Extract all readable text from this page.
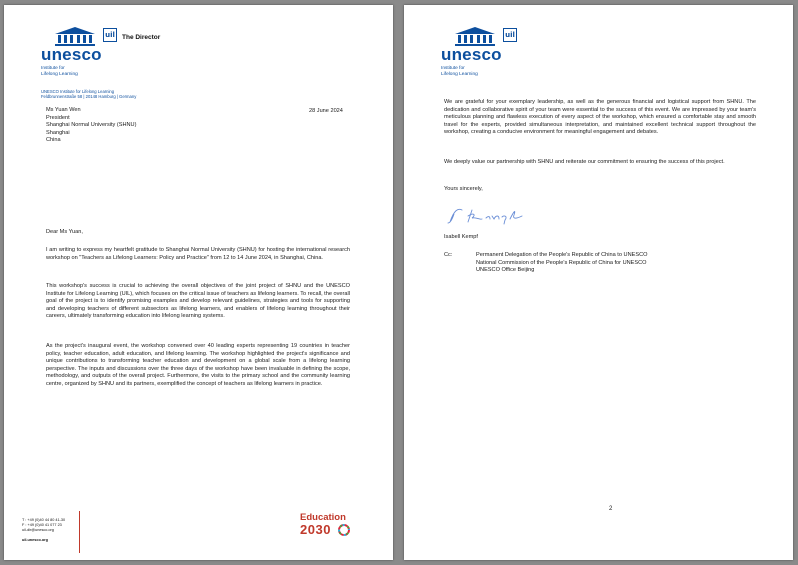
uil
unesco
Institute for
Lifelong Learning
The Director
UNESCO Institute for Lifelong Learning
Feldbrunnenstraße 58 | 20148 Hamburg | Germany
Ms Yuan Wen
President
Shanghai Normal University (SHNU)
Shanghai
China
28 June 2024
Dear Ms Yuan,
I am writing to express my heartfelt gratitude to Shanghai Normal University (SHNU) for hosting the international research workshop on "Teachers as Lifelong Learners: Policy and Practice" from 12 to 14 June 2024, in Shanghai, China.
This workshop's success is crucial to achieving the overall objectives of the joint project of SHNU and the UNESCO Institute for Lifelong Learning (UIL), which focuses on the critical issue of teachers as lifelong learners. To recall, the overall goal of the project is to identify promising examples and develop relevant guidelines, strategies and tools for supporting and developing teachers of different subsectors as lifelong learners, and enablers of lifelong learning throughout their careers, ultimately transforming education into lifelong learning systems.
As the project's inaugural event, the workshop convened over 40 leading experts representing 19 countries in teacher policy, teacher education, adult education, and lifelong learning. The workshop highlighted the project's significance and unique contributions to transforming teacher education and development on a global scale from a lifelong learning perspective. The inputs and discussions over the three days of the workshop have been invaluable in defining the scope, methodology, and outputs of the overall project. Furthermore, the visits to the primary school and the community learning centre, organized by SHNU and its partners, exemplified the concept of teachers as lifelong learners in practice.
T : +49 (0)40 44 80 41-30
F : +49 (0)40 41 077 23
uil-dir@unesco.org

uil.unesco.org
Education
2030
uil
unesco
Institute for
Lifelong Learning
We are grateful for your exemplary leadership, as well as the generous financial and logistical support from SHNU. The dedication and collaborative spirit of your team were essential to the success of this event. We are impressed by your team's meticulous planning and flawless execution of every aspect of the workshop, which ensured a comfortable stay and smooth travel for the experts, provided simultaneous interpretation, and maintained excellent technical support throughout the workshop, creating a conducive environment for meaningful engagement and debates.
We deeply value our partnership with SHNU and reiterate our commitment to ensuring the success of this project.
Yours sincerely,
Isabell Kempf
Cc:	Permanent Delegation of the People's Republic of China to UNESCO
National Commission of the People's Republic of China for UNESCO
UNESCO Office Beijing
2
